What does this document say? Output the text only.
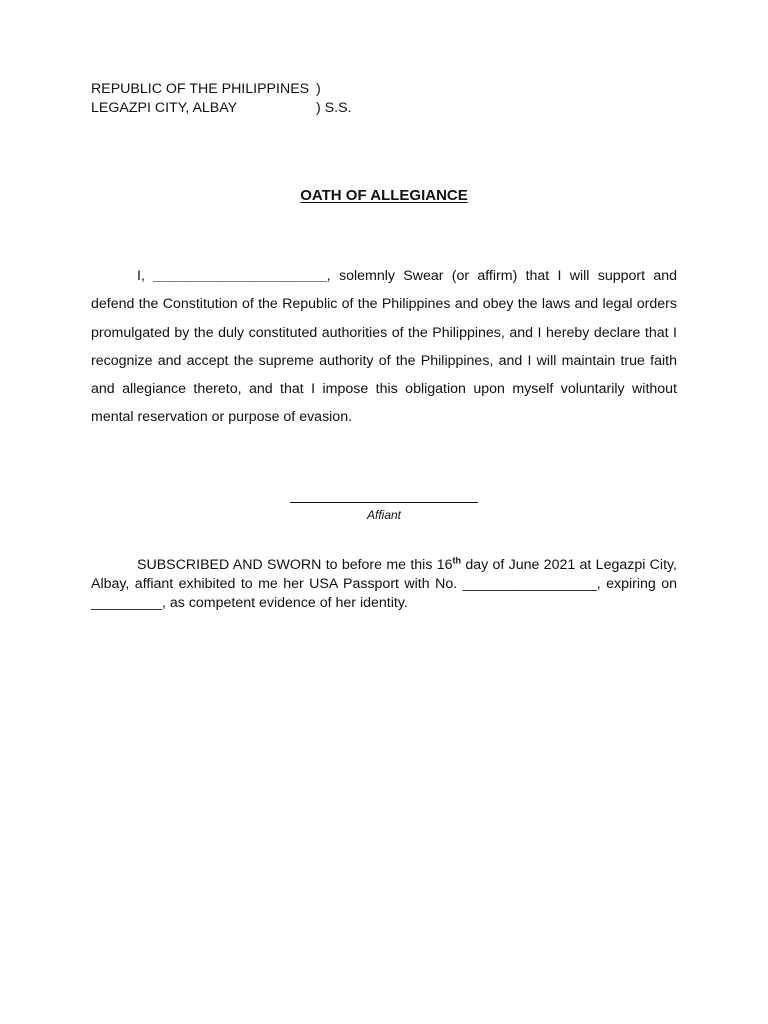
REPUBLIC OF THE PHILIPPINES )
LEGAZPI CITY, ALBAY	) S.S.
OATH OF ALLEGIANCE

I, ______________________, solemnly Swear (or affirm) that I will support and defend the Constitution of the Republic of the Philippines and obey the laws and legal orders promulgated by the duly constituted authorities of the Philippines, and I hereby declare that I recognize and accept the supreme authority of the Philippines, and I will maintain true faith and allegiance thereto, and that I impose this obligation upon myself voluntarily without mental reservation or purpose of evasion.

Affiant

SUBSCRIBED AND SWORN to before me this 16th day of June 2021 at Legazpi City, Albay, affiant exhibited to me her USA Passport with No. _________________, expiring on _________, as competent evidence of her identity.
